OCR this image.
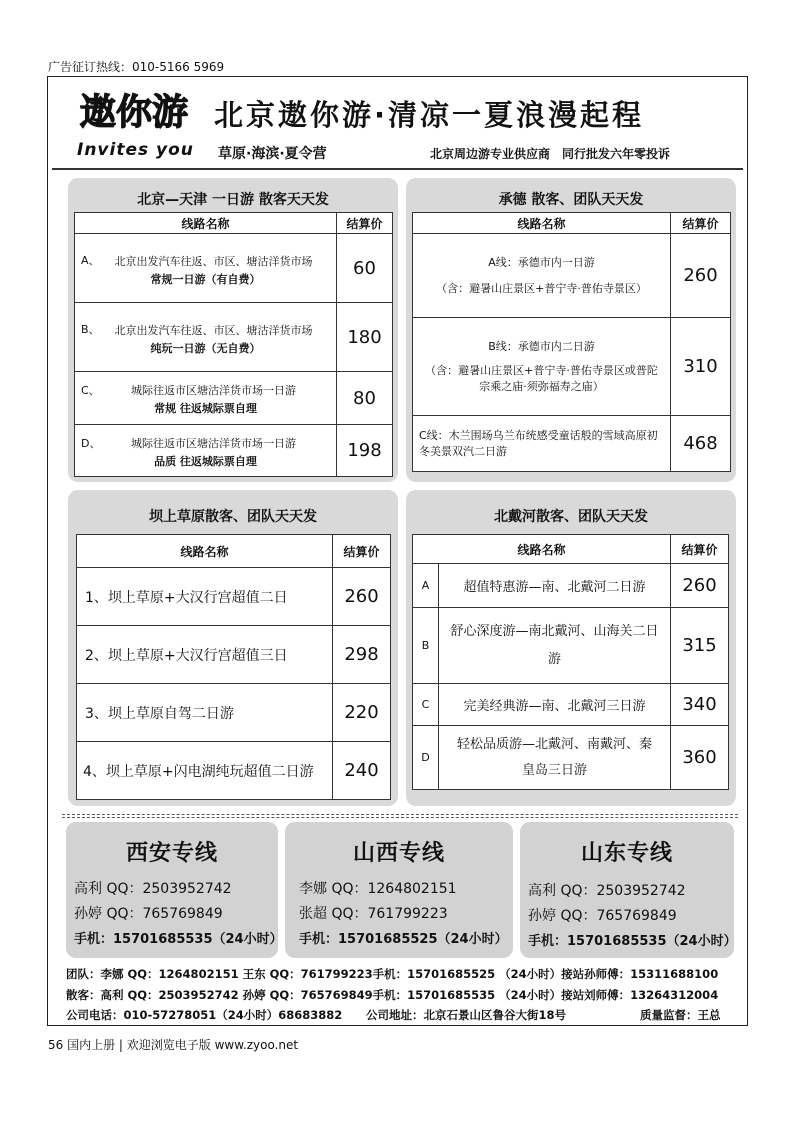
广告征订热线：010-5166 5969
遨你游
Invites you
北京遨你游·清凉一夏浪漫起程
草原·海滨·夏令营	北京周边游专业供应商　同行批发六年零投诉
北京—天津 一日游 散客天天发
线路名称	结算价

A、 北京出发汽车往返、市区、塘沽洋货市场
常规一日游（有自费）	60

B、 北京出发汽车往返、市区、塘沽洋货市场
纯玩一日游（无自费）	180

C、 城际往返市区塘沽洋货市场一日游
常规 往返城际票自理	80

D、 城际往返市区塘沽洋货市场一日游
品质 往返城际票自理	198
承德 散客、团队天天发
线路名称	结算价

A线：承德市内一日游
（含：避暑山庄景区+普宁寺·普佑寺景区）	260

B线：承德市内二日游
（含：避暑山庄景区+普宁寺·普佑寺景区或普陀宗乘之庙·须弥福寿之庙）	310

C线：木兰围场乌兰布统感受童话般的雪域高原初冬美景双汽二日游	468
坝上草原散客、团队天天发
线路名称	结算价
1、坝上草原+大汉行宫超值二日	260
2、坝上草原+大汉行宫超值三日	298
3、坝上草原自驾二日游	220
4、坝上草原+闪电湖纯玩超值二日游	240
北戴河散客、团队天天发
线路名称		结算价
A	超值特惠游—南、北戴河二日游	260
B	舒心深度游—南北戴河、山海关二日游	315
C	完美经典游—南、北戴河三日游	340
D	轻松品质游—北戴河、南戴河、秦皇岛三日游	360
西安专线
高利 QQ：2503952742
孙婷 QQ：765769849
手机：15701685535（24小时）
山西专线
李娜 QQ：1264802151
张超 QQ：761799223
手机：15701685525（24小时）
山东专线
高利 QQ：2503952742
孙婷 QQ：765769849
手机：15701685535（24小时）
团队：李娜 QQ：1264802151 王东 QQ：761799223手机：15701685525 （24小时）接站孙师傅：15311688100
散客：高利 QQ：2503952742 孙婷 QQ：765769849手机：15701685535 （24小时）接站刘师傅：13264312004
公司电话：010-57278051（24小时）68683882 公司地址：北京石景山区鲁谷大街18号	质量监督：王总
56 国内上册 | 欢迎浏览电子版 www.zyoo.net
